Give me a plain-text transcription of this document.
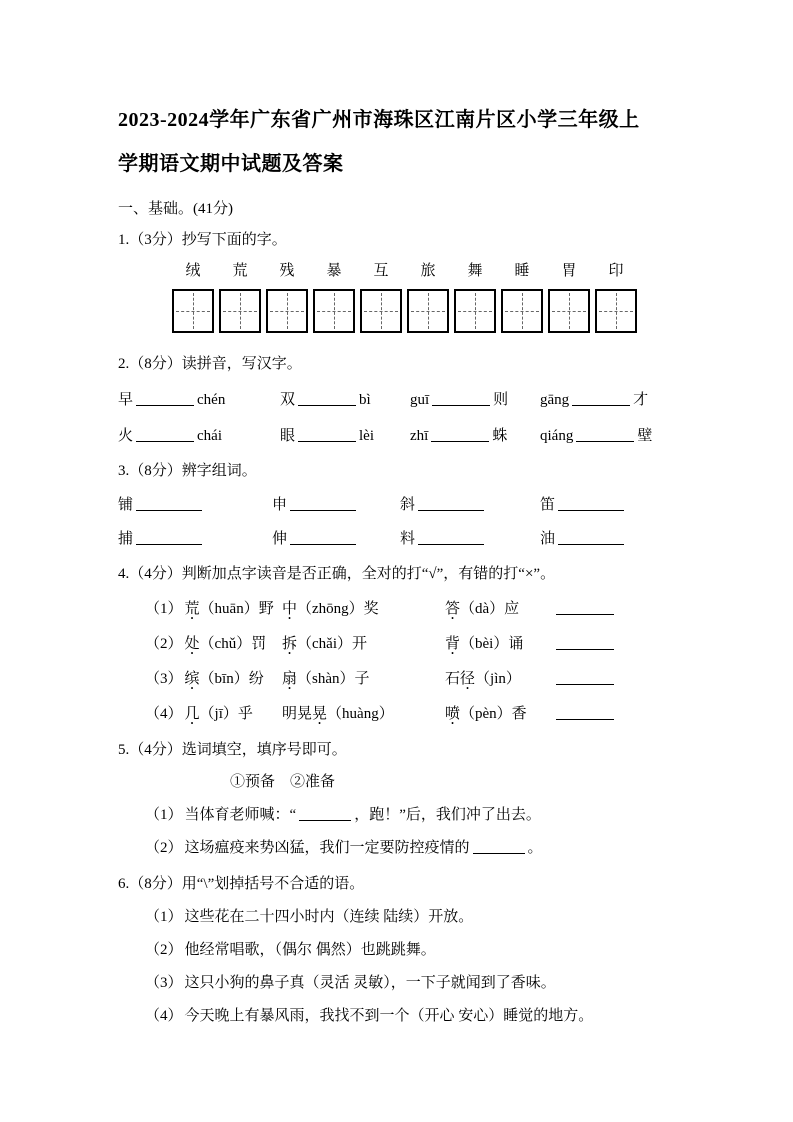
2023-2024学年广东省广州市海珠区江南片区小学三年级上
学期语文期中试题及答案
一、基础。(41分)
1.（3分）抄写下面的字。
绒	荒	残	暴	互	旅	舞	睡	胃	印
2.（8分）读拼音，写汉字。
早	chén	双	bì	guī	则	gāng	才
火	chái	眼	lèi	zhī	蛛	qiáng	壁
3.（8分）辨字组词。
铺	申	斜	笛
捕	伸	料	油
4.（4分）判断加点字读音是否正确，全对的打“√”，有错的打“×”。
（1） 荒（huān）野 中（zhōng）奖	答（dà）应
（2） 处（chǔ）罚	拆（chǎi）开	背（bèi）诵
（3） 缤（bīn）纷	扇（shàn）子	石径（jìn）
（4） 几（jī）乎	明晃晃（huàng）	喷（pèn）香
5.（4分）选词填空，填序号即可。
①预备　②准备
（1） 当体育老师喊：“	，跑！”后，我们冲了出去。
（2） 这场瘟疫来势凶猛，我们一定要防控疫情的	。
6.（8分）用“\”划掉括号不合适的语。
（1） 这些花在二十四小时内（连续 陆续）开放。
（2） 他经常唱歌，（偶尔 偶然）也跳跳舞。
（3） 这只小狗的鼻子真（灵活 灵敏），一下子就闻到了香味。
（4） 今天晚上有暴风雨，我找不到一个（开心 安心）睡觉的地方。
